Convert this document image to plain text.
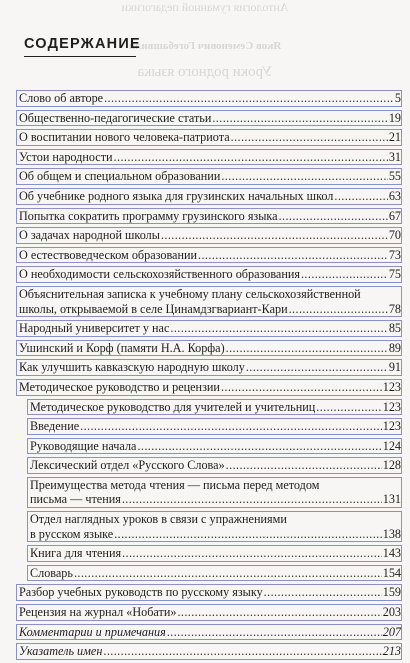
Антология гуманной педагогики
Яков Семенович Гогебашвили
Уроки родного языка
СОДЕРЖАНИЕ
Слово об авторе .....	5
Общественно-педагогические статьи .....	19
О воспитании нового человека-патриота .....	21
Устои народности .....	31
Об общем и специальном образовании .....	55
Об учебнике родного языка для грузинских начальных школ .....	63
Попытка сократить программу грузинского языка .....	67
О задачах народной школы .....	70
О естествоведческом образовании .....	73
О необходимости сельскохозяйственного образования .....	75
Объяснительная записка к учебному плану сельскохозяйственной
школы, открываемой в селе Цинамдзгвариант-Кари .....	78
Народный университет у нас .....	85
Ушинский и Корф (памяти Н.А. Корфа) .....	89
Как улучшить кавказскую народную школу .....	91
Методическое руководство и рецензии .....	123
Методическое руководство для учителей и учительниц .....	123
Введение .....	123
Руководящие начала .....	124
Лексический отдел «Русского Слова» .....	128
Преимущества метода чтения — письма перед методом
письма — чтения .....	131
Отдел наглядных уроков в связи с упражнениями
в русском языке .....	138
Книга для чтения .....	143
Словарь .....	154
Разбор учебных руководств по русскому языку .....	159
Рецензия на журнал «Нобати» .....	203
Комментарии и примечания .....	207
Указатель имен .....	213
